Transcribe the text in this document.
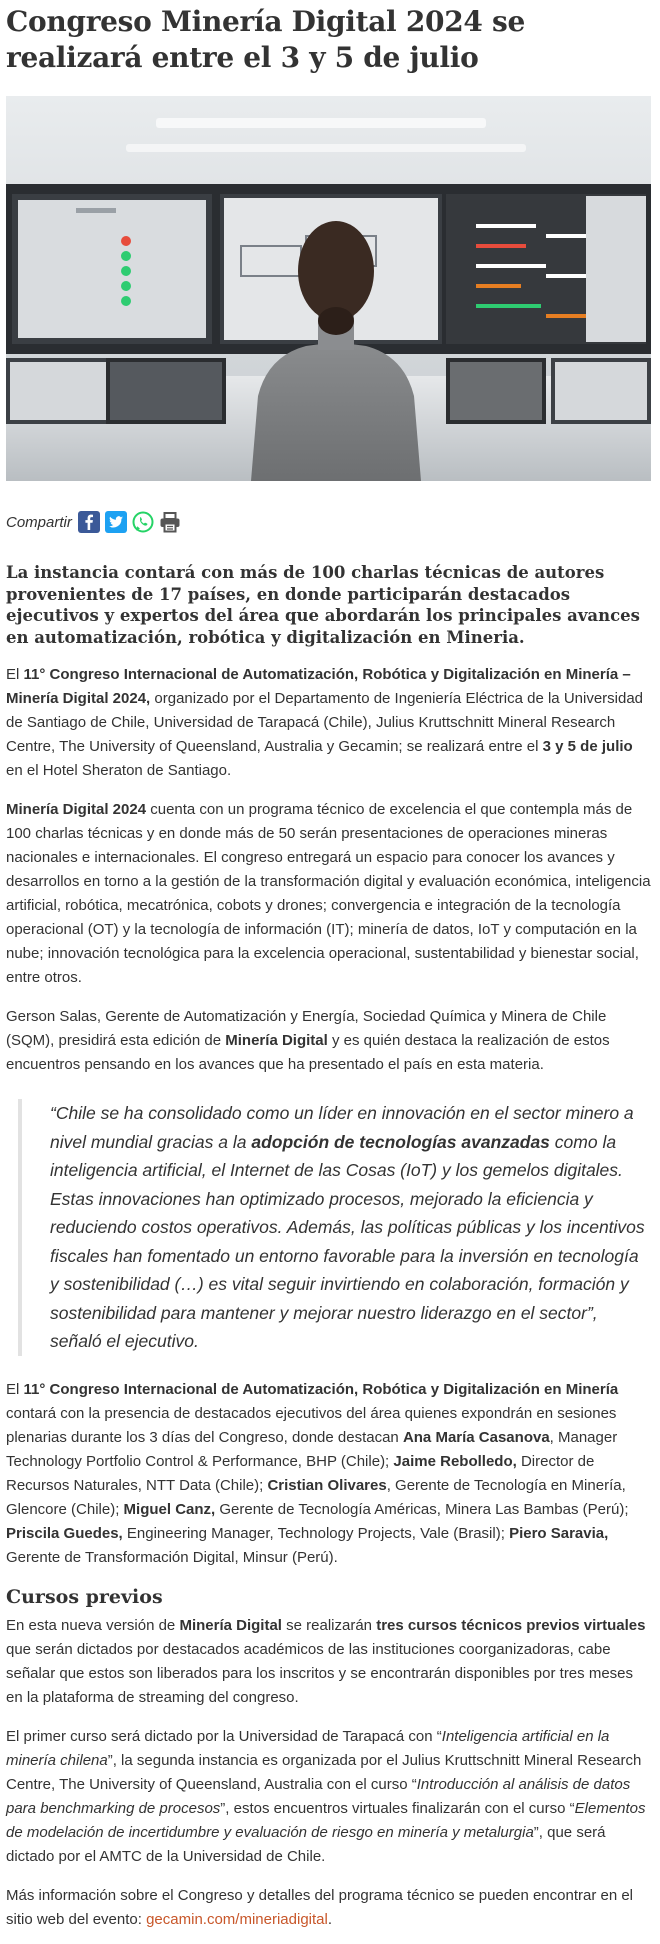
Congreso Minería Digital 2024 se realizará entre el 3 y 5 de julio
Compartir

La instancia contará con más de 100 charlas técnicas de autores provenientes de 17 países, en donde participarán destacados ejecutivos y expertos del área que abordarán los principales avances en automatización, robótica y digitalización en Mineria.

El 11° Congreso Internacional de Automatización, Robótica y Digitalización en Minería – Minería Digital 2024, organizado por el Departamento de Ingeniería Eléctrica de la Universidad de Santiago de Chile, Universidad de Tarapacá (Chile), Julius Kruttschnitt Mineral Research Centre, The University of Queensland, Australia y Gecamin; se realizará entre el 3 y 5 de julio en el Hotel Sheraton de Santiago.

Minería Digital 2024 cuenta con un programa técnico de excelencia el que contempla más de 100 charlas técnicas y en donde más de 50 serán presentaciones de operaciones mineras nacionales e internacionales. El congreso entregará un espacio para conocer los avances y desarrollos en torno a la gestión de la transformación digital y evaluación económica, inteligencia artificial, robótica, mecatrónica, cobots y drones; convergencia e integración de la tecnología operacional (OT) y la tecnología de información (IT); minería de datos, IoT y computación en la nube; innovación tecnológica para la excelencia operacional, sustentabilidad y bienestar social, entre otros.

Gerson Salas, Gerente de Automatización y Energía, Sociedad Química y Minera de Chile (SQM), presidirá esta edición de Minería Digital y es quién destaca la realización de estos encuentros pensando en los avances que ha presentado el país en esta materia.

“Chile se ha consolidado como un líder en innovación en el sector minero a nivel mundial gracias a la adopción de tecnologías avanzadas como la inteligencia artificial, el Internet de las Cosas (IoT) y los gemelos digitales. Estas innovaciones han optimizado procesos, mejorado la eficiencia y reduciendo costos operativos. Además, las políticas públicas y los incentivos fiscales han fomentado un entorno favorable para la inversión en tecnología y sostenibilidad (…) es vital seguir invirtiendo en colaboración, formación y sostenibilidad para mantener y mejorar nuestro liderazgo en el sector”, señaló el ejecutivo.

El 11° Congreso Internacional de Automatización, Robótica y Digitalización en Minería contará con la presencia de destacados ejecutivos del área quienes expondrán en sesiones plenarias durante los 3 días del Congreso, donde destacan Ana María Casanova, Manager Technology Portfolio Control & Performance, BHP (Chile); Jaime Rebolledo, Director de Recursos Naturales, NTT Data (Chile); Cristian Olivares, Gerente de Tecnología en Minería, Glencore (Chile); Miguel Canz, Gerente de Tecnología Américas, Minera Las Bambas (Perú); Priscila Guedes, Engineering Manager, Technology Projects, Vale (Brasil); Piero Saravia, Gerente de Transformación Digital, Minsur (Perú).

Cursos previos

En esta nueva versión de Minería Digital se realizarán tres cursos técnicos previos virtuales que serán dictados por destacados académicos de las instituciones coorganizadoras, cabe señalar que estos son liberados para los inscritos y se encontrarán disponibles por tres meses en la plataforma de streaming del congreso.

El primer curso será dictado por la Universidad de Tarapacá con “Inteligencia artificial en la minería chilena”, la segunda instancia es organizada por el Julius Kruttschnitt Mineral Research Centre, The University of Queensland, Australia con el curso “Introducción al análisis de datos para benchmarking de procesos”, estos encuentros virtuales finalizarán con el curso “Elementos de modelación de incertidumbre y evaluación de riesgo en minería y metalurgia”, que será dictado por el AMTC de la Universidad de Chile.

Más información sobre el Congreso y detalles del programa técnico se pueden encontrar en el sitio web del evento: gecamin.com/mineriadigital.
